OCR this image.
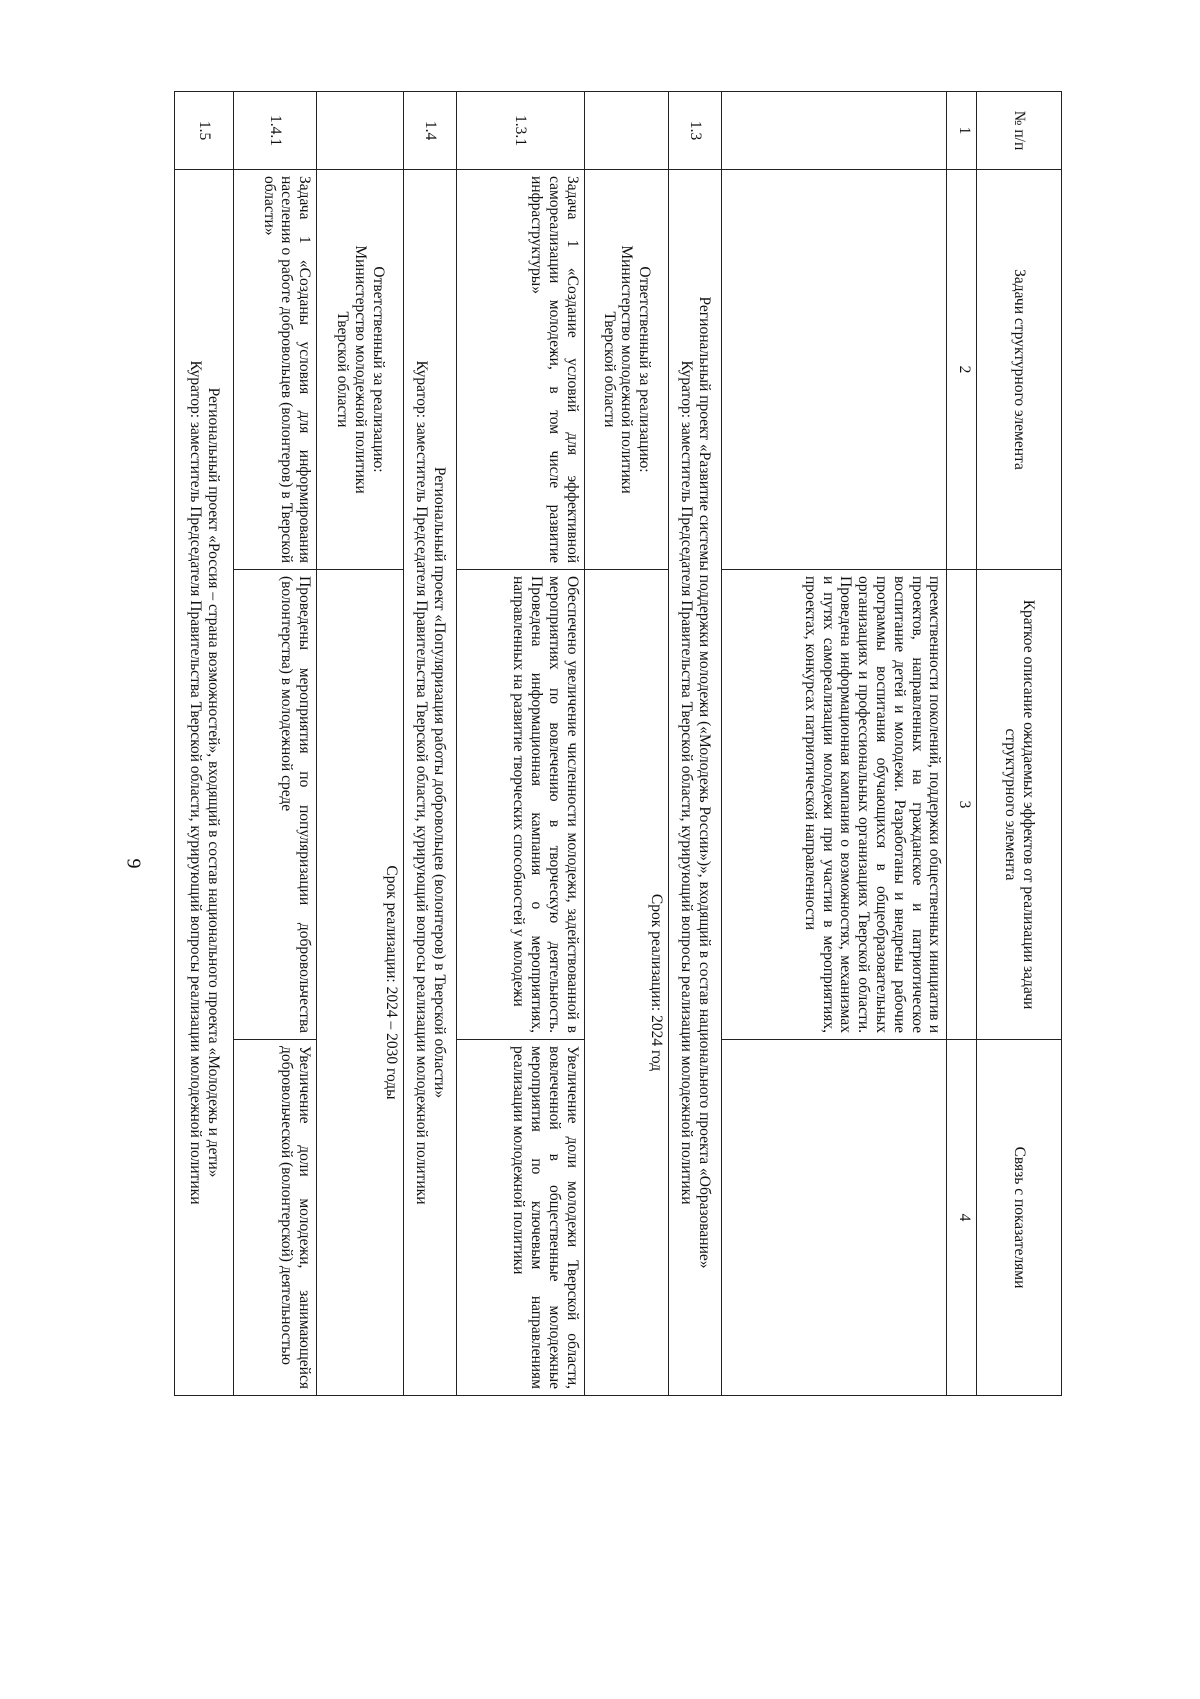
9
№ п/п	Задачи структурного элемента	Краткое описание ожидаемых эффектов от реализации задачи структурного элемента	Связь с показателями
1	2	3	4
		преемственности поколений, поддержки общественных инициатив и проектов, направленных на гражданское и патриотическое воспитание детей и молодежи. Разработаны и внедрены рабочие программы воспитания обучающихся в общеобразовательных организациях и профессиональных организациях Тверской области. Проведена информационная кампания о возможностях, механизмах и путях самореализации молодежи при участии в мероприятиях, проектах, конкурсах патриотической направленности	
1.3	Региональный проект «Развитие системы поддержки молодежи («Молодежь России»)», входящий в состав национального проекта «Образование»
Куратор: заместитель Председателя Правительства Тверской области, курирующий вопросы реализации молодежной политики		

	Ответственный за реализацию:
Министерство молодежной политики
Тверской области	Срок реализации: 2024 год	
1.3.1	Задача 1 «Создание условий для эффективной самореализации молодежи, в том числе развитие инфраструктуры»	Обеспечено увеличение численности молодежи, задействованной в мероприятиях по вовлечению в творческую деятельность. Проведена информационная кампания о мероприятиях, направленных на развитие творческих способностей у молодежи	Увеличение доли молодежи Тверской области, вовлеченной в общественные молодежные мероприятия по ключевым направлениям реализации молодежной политики
1.4	Региональный проект «Популяризация работы добровольцев (волонтеров) в Тверской области»
Куратор: заместитель Председателя Правительства Тверской области, курирующий вопросы реализации молодежной политики		

	Ответственный за реализацию:
Министерство молодежной политики
Тверской области	Срок реализации: 2024 – 2030 годы	
1.4.1	Задача 1 «Созданы условия для информирования населения о работе добровольцев (волонтеров) в Тверской области»	Проведены мероприятия по популяризации добровольчества (волонтерства) в молодежной среде	Увеличение доли молодежи, занимающейся добровольческой (волонтерской) деятельностью
1.5	Региональный проект «Россия – страна возможностей», входящий в состав национального проекта «Молодежь и дети»
Куратор: заместитель Председателя Правительства Тверской области, курирующий вопросы реализации молодежной политики		
